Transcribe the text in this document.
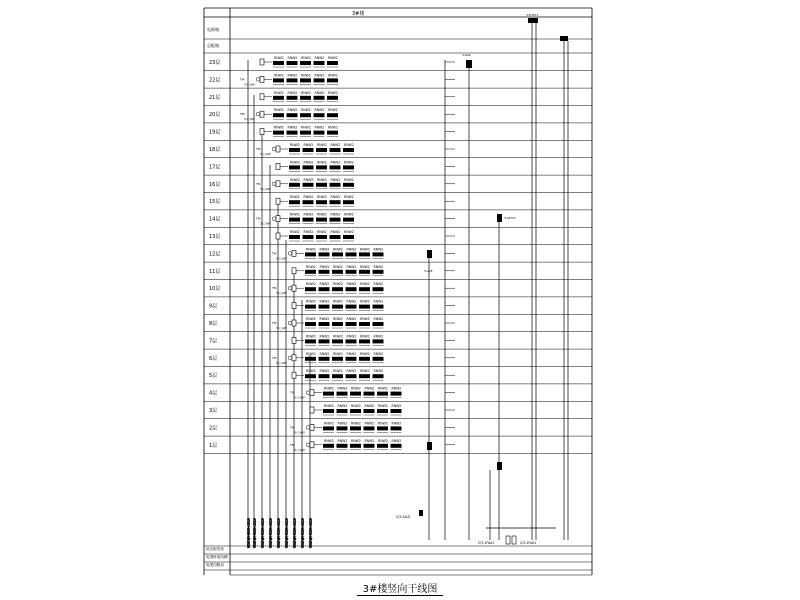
3#楼
23层
22层
21层
20层
19层
18层
17层
16层
15层
14层
13层
12层
11层
10层
9层
8层
7层
6层
5层
4层
3层
2层
1层
WDZ-YJV-4X35+1X16 WDZ-YJV-4X35+1X16 WDZ-YJV-4X35+1X16 WDZ-YJV-4X35+1X16 WDZ-YJV-4X35+1X16 WDZ-YJV-4X35+1X16 WDZ-YJV-4X35+1X16 WDZ-YJV-4X35+1X16 WDZ-YJV-4X35+1X16
RNW2 RNW2 RNW2 RNW2 RNW2
RNW2 RNW2 RNW2 RNW2 RNW2
3-□AW
TM
RNW2 RNW2 RNW2 RNW2 RNW2
RNW2 RNW2 RNW2 RNW2 RNW2
3-□AW
TM
RNW2 RNW2 RNW2 RNW2 RNW2
RNW2 RNW2 RNW2 RNW2 RNW2
3-□AW
TM
RNW2 RNW2 RNW2 RNW2 RNW2
RNW2 RNW2 RNW2 RNW2 RNW2
3-□AW
TM
RNW2 RNW2 RNW2 RNW2 RNW2
RNW2 RNW2 RNW2 RNW2 RNW2
3-□AW
TM
RNW2 RNW2 RNW2 RNW2 RNW2
RNW2 RNW2 RNW2 RNW2 RNW2 RNW2
3-□AW
TM
RNW2 RNW2 RNW2 RNW2 RNW2 RNW2
RNW2 RNW2 RNW2 RNW2 RNW2 RNW2
3-□AW
TM
RNW2 RNW2 RNW2 RNW2 RNW2 RNW2
RNW2 RNW2 RNW2 RNW2 RNW2 RNW2
3-□AW
TM
RNW2 RNW2 RNW2 RNW2 RNW2 RNW2
RNW2 RNW2 RNW2 RNW2 RNW2 RNW2
3-□AW
TM
RNW2 RNW2 RNW2 RNW2 RNW2 RNW2
RNW2 RNW2 RNW2 RNW2 RNW2 RNW2
3-□AW
TM
RNW2 RNW2 RNW2 RNW2 RNW2 RNW2
RNW2 RNW2 RNW2 RNW2 RNW2 RNW2
3-□AW
TM
RNW2 RNW2 RNW2 RNW2 RNW2 RNW2
3-□AW
TM
3-DAL
3-ALE
2/3-1ALE
3-DTAT1
3-ATAT1
2/3-1FAA1	2/3-1FAA1
电源箱
总配箱
低压配电柜
电缆桥架线槽
电缆沟敷设
3#楼竖向干线图
